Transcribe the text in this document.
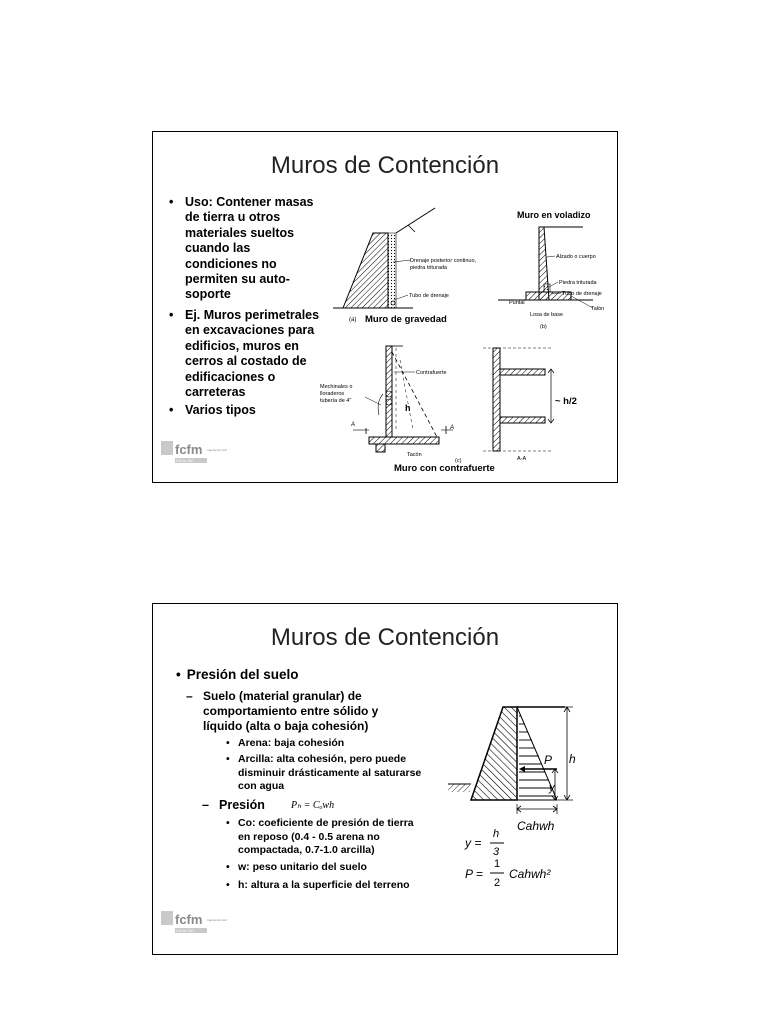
Muros de Contención
• Uso: Contener masas
de tierra u otros
materiales sueltos
cuando las
condiciones no
permiten su auto-
soporte
• Ej. Muros perimetrales
en excavaciones para
edificios, muros en
cerros al costado de
edificaciones o
carreteras
• Varios tipos
Drenaje posterior continuo,
piedra triturada
Tubo de drenaje
(a) Muro de gravedad
Muro en voladizo
Alzado o cuerpo
Piedra triturada
Tubo de drenaje
Puntal
Talón
Losa de base
(b)
Contrafuerte
Mechinales o
lloraderos
tubería de 4"
h
A	A
Tacón
(c)	A-A
~ h/2
Muro con contrafuerte
fcfm Ingeniería Civil
FACULTAD
Muros de Contención
• Presión del suelo
– Suelo (material granular) de
comportamiento entre sólido y
líquido (alta o baja cohesión)
• Arena: baja cohesión
• Arcilla: alta cohesión, pero puede
disminuir drásticamente al saturarse
con agua
– Presión	Pₕ = Cₒwh
• Co: coeficiente de presión de tierra
en reposo (0.4 - 0.5 arena no
compactada, 0.7-1.0 arcilla)
• w: peso unitario del suelo
• h: altura a la superficie del terreno
P h
y
Cahwh
y =
h
3
P =
1
2
Cahwh²
fcfm Ingeniería Civil
FACULTAD
